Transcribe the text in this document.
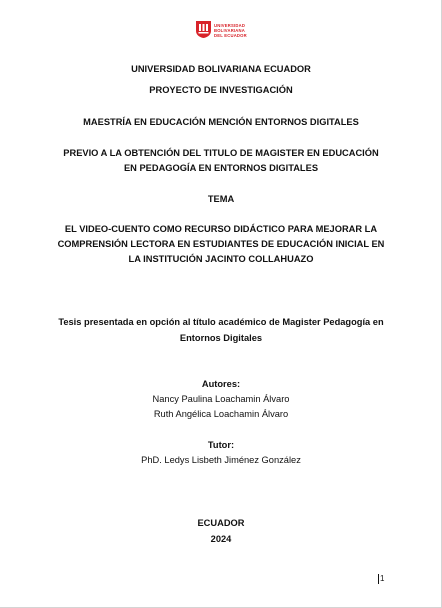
UNIVERSIDAD
BOLIVARIANA
DEL ECUADOR
UNIVERSIDAD BOLIVARIANA ECUADOR
PROYECTO DE INVESTIGACIÓN
MAESTRÍA EN EDUCACIÓN MENCIÓN ENTORNOS DIGITALES
PREVIO A LA OBTENCIÓN DEL TITULO DE MAGISTER EN EDUCACIÓN
EN PEDAGOGÍA EN ENTORNOS DIGITALES
TEMA
EL VIDEO-CUENTO COMO RECURSO DIDÁCTICO PARA MEJORAR LA
COMPRENSIÓN LECTORA EN ESTUDIANTES DE EDUCACIÓN INICIAL EN
LA INSTITUCIÓN JACINTO COLLAHUAZO
Tesis presentada en opción al título académico de Magister Pedagogía en
Entornos Digitales
Autores:
Nancy Paulina Loachamin Álvaro
Ruth Angélica Loachamin Álvaro
Tutor:
PhD. Ledys Lisbeth Jiménez González
ECUADOR
2024
1
